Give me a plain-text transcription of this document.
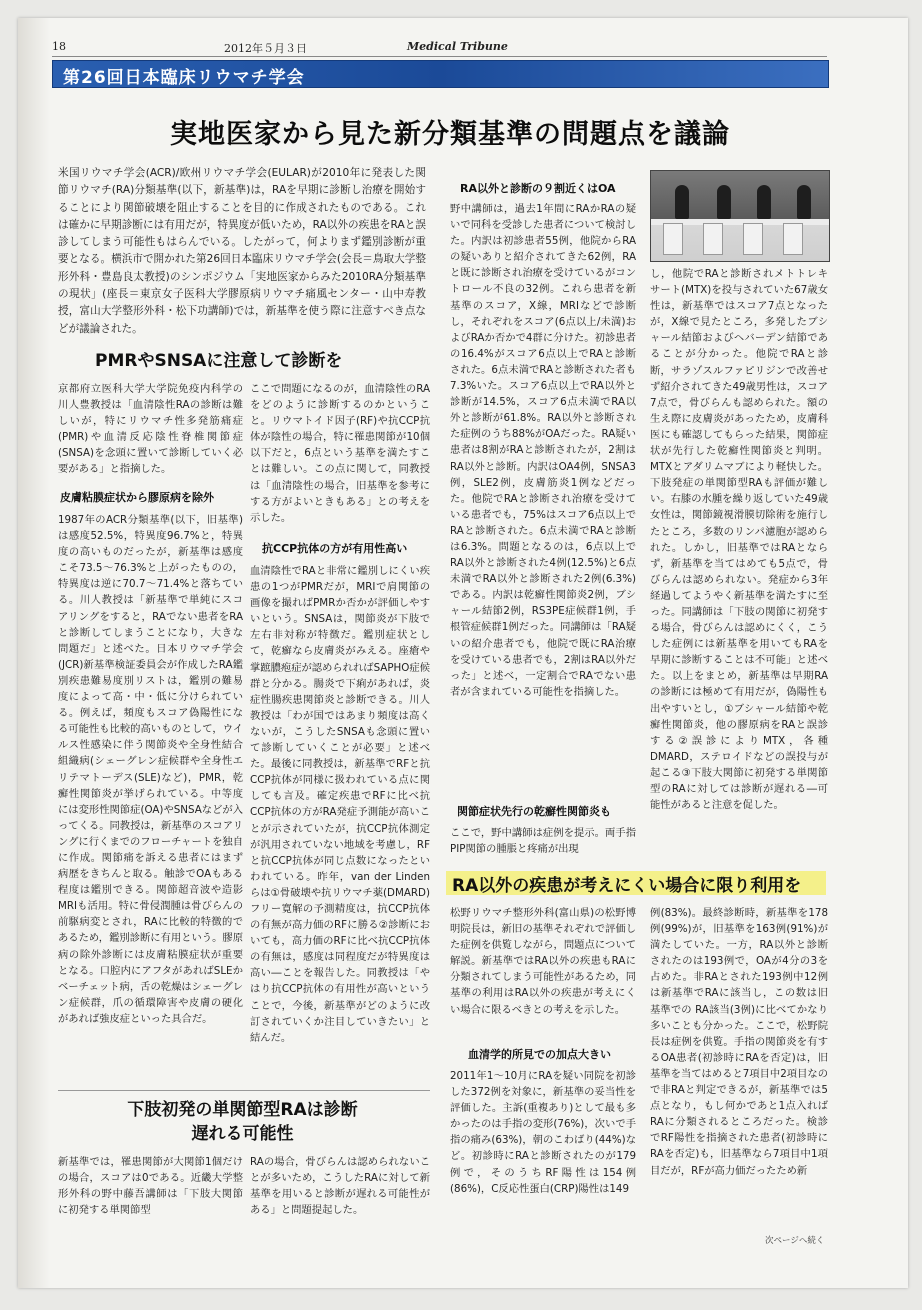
18	2012年５月３日	Medical Tribune
第26回日本臨床リウマチ学会
実地医家から見た新分類基準の問題点を議論
米国リウマチ学会(ACR)/欧州リウマチ学会(EULAR)が2010年に発表した関節リウマチ(RA)分類基準(以下，新基準)は，RAを早期に診断し治療を開始することにより関節破壊を阻止することを目的に作成されたものである。これは確かに早期診断には有用だが，特異度が低いため，RA以外の疾患をRAと誤診してしまう可能性もはらんでいる。したがって，何よりまず鑑別診断が重要となる。横浜市で開かれた第26回日本臨床リウマチ学会(会長＝鳥取大学整形外科・豊島良太教授)のシンポジウム「実地医家からみた2010RA分類基準の現状」(座長＝東京女子医科大学膠原病リウマチ痛風センター・山中寿教授，富山大学整形外科・松下功講師)では，新基準を使う際に注意すべき点などが議論された。
PMRやSNSAに注意して診断を
京都府立医科大学大学院免疫内科学の川人豊教授は「血清陰性RAの診断は難しいが，特にリウマチ性多発筋痛症(PMR)や血清反応陰性脊椎関節症(SNSA)を念頭に置いて診断していく必要がある」と指摘した。
皮膚粘膜症状から膠原病を除外
1987年のACR分類基準(以下，旧基準)は感度52.5%，特異度96.7%と，特異度の高いものだったが，新基準は感度こそ73.5〜76.3%と上がったものの，特異度は逆に70.7〜71.4%と落ちている。川人教授は「新基準で単純にスコアリングをすると，RAでない患者をRAと診断してしまうことになり，大きな問題だ」と述べた。日本リウマチ学会(JCR)新基準検証委員会が作成したRA鑑別疾患難易度別リストは，鑑別の難易度によって高・中・低に分けられている。例えば，頻度もスコア偽陽性になる可能性も比較的高いものとして，ウイルス性感染に伴う関節炎や全身性結合組織病(シェーグレン症候群や全身性エリテマトーデス(SLE)など)，PMR，乾癬性関節炎が挙げられている。中等度には変形性関節症(OA)やSNSAなどが入ってくる。同教授は，新基準のスコアリングに行くまでのフローチャートを独自に作成。関節痛を訴える患者にはまず病歴をきちんと取る。触診でOAもある程度は鑑別できる。関節超音波や造影MRIも活用。特に骨侵潤腫は骨びらんの前駆病変とされ，RAに比較的特徴的であるため，鑑別診断に有用という。膠原病の除外診断には皮膚粘膜症状が重要となる。口腔内にアフタがあればSLEかベーチェット病，舌の乾燥はシェーグレン症候群，爪の循環障害や皮膚の硬化があれば強皮症といった具合だ。
ここで問題になるのが，血清陰性のRAをどのように診断するのかということ。リウマトイド因子(RF)や抗CCP抗体が陰性の場合，特に罹患関節が10個以下だと，6点という基準を満たすことは難しい。この点に関して，同教授は「血清陰性の場合，旧基準を参考にする方がよいときもある」との考えを示した。
抗CCP抗体の方が有用性高い
血清陰性でRAと非常に鑑別しにくい疾患の1つがPMRだが，MRIで肩関節の画像を撮ればPMRか否かが評価しやすいという。SNSAは，関節炎が下肢で左右非対称が特徴だ。鑑別症状として，乾癬なら皮膚炎がみえる。座瘡や掌蹠膿疱症が認められればSAPHO症候群と分かる。腸炎で下痢があれば，炎症性腸疾患関節炎と診断できる。川人教授は「わが国ではあまり頻度は高くないが，こうしたSNSAも念頭に置いて診断していくことが必要」と述べた。最後に同教授は，新基準でRFと抗CCP抗体が同様に扱われている点に関しても言及。確定疾患でRFに比べ抗CCP抗体の方がRA発症予測能が高いことが示されていたが，抗CCP抗体測定が汎用されていない地域を考慮し，RFと抗CCP抗体が同じ点数になったといわれている。昨年，van der Lindenらは①骨破壊や抗リウマチ薬(DMARD)フリー寛解の予測精度は，抗CCP抗体の有無が高力価のRFに勝る②診断においても，高力価のRFに比べ抗CCP抗体の有無は，感度は同程度だが特異度は高い―ことを報告した。同教授は「やはり抗CCP抗体の有用性が高いということで，今後，新基準がどのように改訂されていくか注目していきたい」と結んだ。
下肢初発の単関節型RAは診断遅れる可能性
新基準では，罹患関節が大関節1個だけの場合，スコアは0である。近畿大学整形外科の野中藤吾講師は「下肢大関節に初発する単関節型
RAの場合，骨びらんは認められないことが多いため，こうしたRAに対して新基準を用いると診断が遅れる可能性がある」と問題提起した。
RA以外と診断の９割近くはOA
野中講師は，過去1年間にRAかRAの疑いで同科を受診した患者について検討した。内訳は初診患者55例，他院からRAの疑いありと紹介されてきた62例，RAと既に診断され治療を受けているがコントロール不良の32例。これら患者を新基準のスコア，X線，MRIなどで診断し，それぞれをスコア(6点以上/未満)およびRAか否かで4群に分けた。初診患者の16.4%がスコア6点以上でRAと診断された。6点未満でRAと診断された者も7.3%いた。スコア6点以上でRA以外と診断が14.5%，スコア6点未満でRA以外と診断が61.8%。RA以外と診断された症例のうち88%がOAだった。RA疑い患者は8割がRAと診断されたが，2割はRA以外と診断。内訳はOA4例，SNSA3例，SLE2例，皮膚筋炎1例などだった。他院でRAと診断され治療を受けている患者でも，75%はスコア6点以上でRAと診断された。6点未満でRAと診断は6.3%。問題となるのは，6点以上でRA以外と診断された4例(12.5%)と6点未満でRA以外と診断された2例(6.3%)である。内訳は乾癬性関節炎2例，ブシャール結節2例，RS3PE症候群1例，手根管症候群1例だった。同講師は「RA疑いの紹介患者でも，他院で既にRA治療を受けている患者でも，2割はRA以外だった」と述べ，一定割合でRAでない患者が含まれている可能性を指摘した。
関節症状先行の乾癬性関節炎も
ここで，野中講師は症例を提示。両手指PIP関節の腫脹と疼痛が出現
し，他院でRAと診断されメトトレキサート(MTX)を投与されていた67歳女性は，新基準ではスコア7点となったが，X線で見たところ，多発したブシャール結節およびヘバーデン結節であることが分かった。他院でRAと診断，サラゾスルファピリジンで改善せず紹介されてきた49歳男性は，スコア7点で，骨びらんも認められた。額の生え際に皮膚炎があったため，皮膚科医にも確認してもらった結果，関節症状が先行した乾癬性関節炎と判明。MTXとアダリムマブにより軽快した。下肢発症の単関節型RAも評価が難しい。右膝の水腫を繰り返していた49歳女性は，関節鏡視滑膜切除術を施行したところ，多数のリンパ濾胞が認められた。しかし，旧基準ではRAとならず，新基準を当てはめても5点で，骨びらんは認められない。発症から3年経過してようやく新基準を満たすに至った。同講師は「下肢の関節に初発する場合，骨びらんは認めにくく，こうした症例には新基準を用いてもRAを早期に診断することは不可能」と述べた。以上をまとめ，新基準は早期RAの診断には極めて有用だが，偽陽性も出やすいとし，①ブシャール結節や乾癬性関節炎，他の膠原病をRAと誤診する②誤診によりMTX，各種DMARD，ステロイドなどの誤投与が起こる③下肢大関節に初発する単関節型のRAに対しては診断が遅れる―可能性があると注意を促した。
RA以外の疾患が考えにくい場合に限り利用を
松野リウマチ整形外科(富山県)の松野博明院長は，新旧の基準それぞれで評価した症例を供覧しながら，問題点について解説。新基準ではRA以外の疾患もRAに分類されてしまう可能性があるため，同基準の利用はRA以外の疾患が考えにくい場合に限るべきとの考えを示した。
血清学的所見での加点大きい
2011年1〜10月にRAを疑い同院を初診した372例を対象に，新基準の妥当性を評価した。主訴(重複あり)として最も多かったのは手指の変形(76%)，次いで手指の痛み(63%)，朝のこわばり(44%)など。初診時にRAと診断されたのが179例で，そのうちRF陽性は154例(86%)，C反応性蛋白(CRP)陽性は149
例(83%)。最終診断時，新基準を178例(99%)が，旧基準を163例(91%)が満たしていた。一方，RA以外と診断されたのは193例で，OAが4分の3を占めた。非RAとされた193例中12例は新基準でRAに該当し，この数は旧基準での RA該当(3例)に比べてかなり多いことも分かった。ここで，松野院長は症例を供覧。手指の関節炎を有するOA患者(初診時にRAを否定)は，旧基準を当てはめると7項目中2項目なので非RAと判定できるが，新基準では5点となり，もし何かであと1点入ればRAに分類されるところだった。検診でRF陽性を指摘された患者(初診時にRAを否定)も，旧基準なら7項目中1項目だが，RFが高力価だったため新
次ページへ続く
